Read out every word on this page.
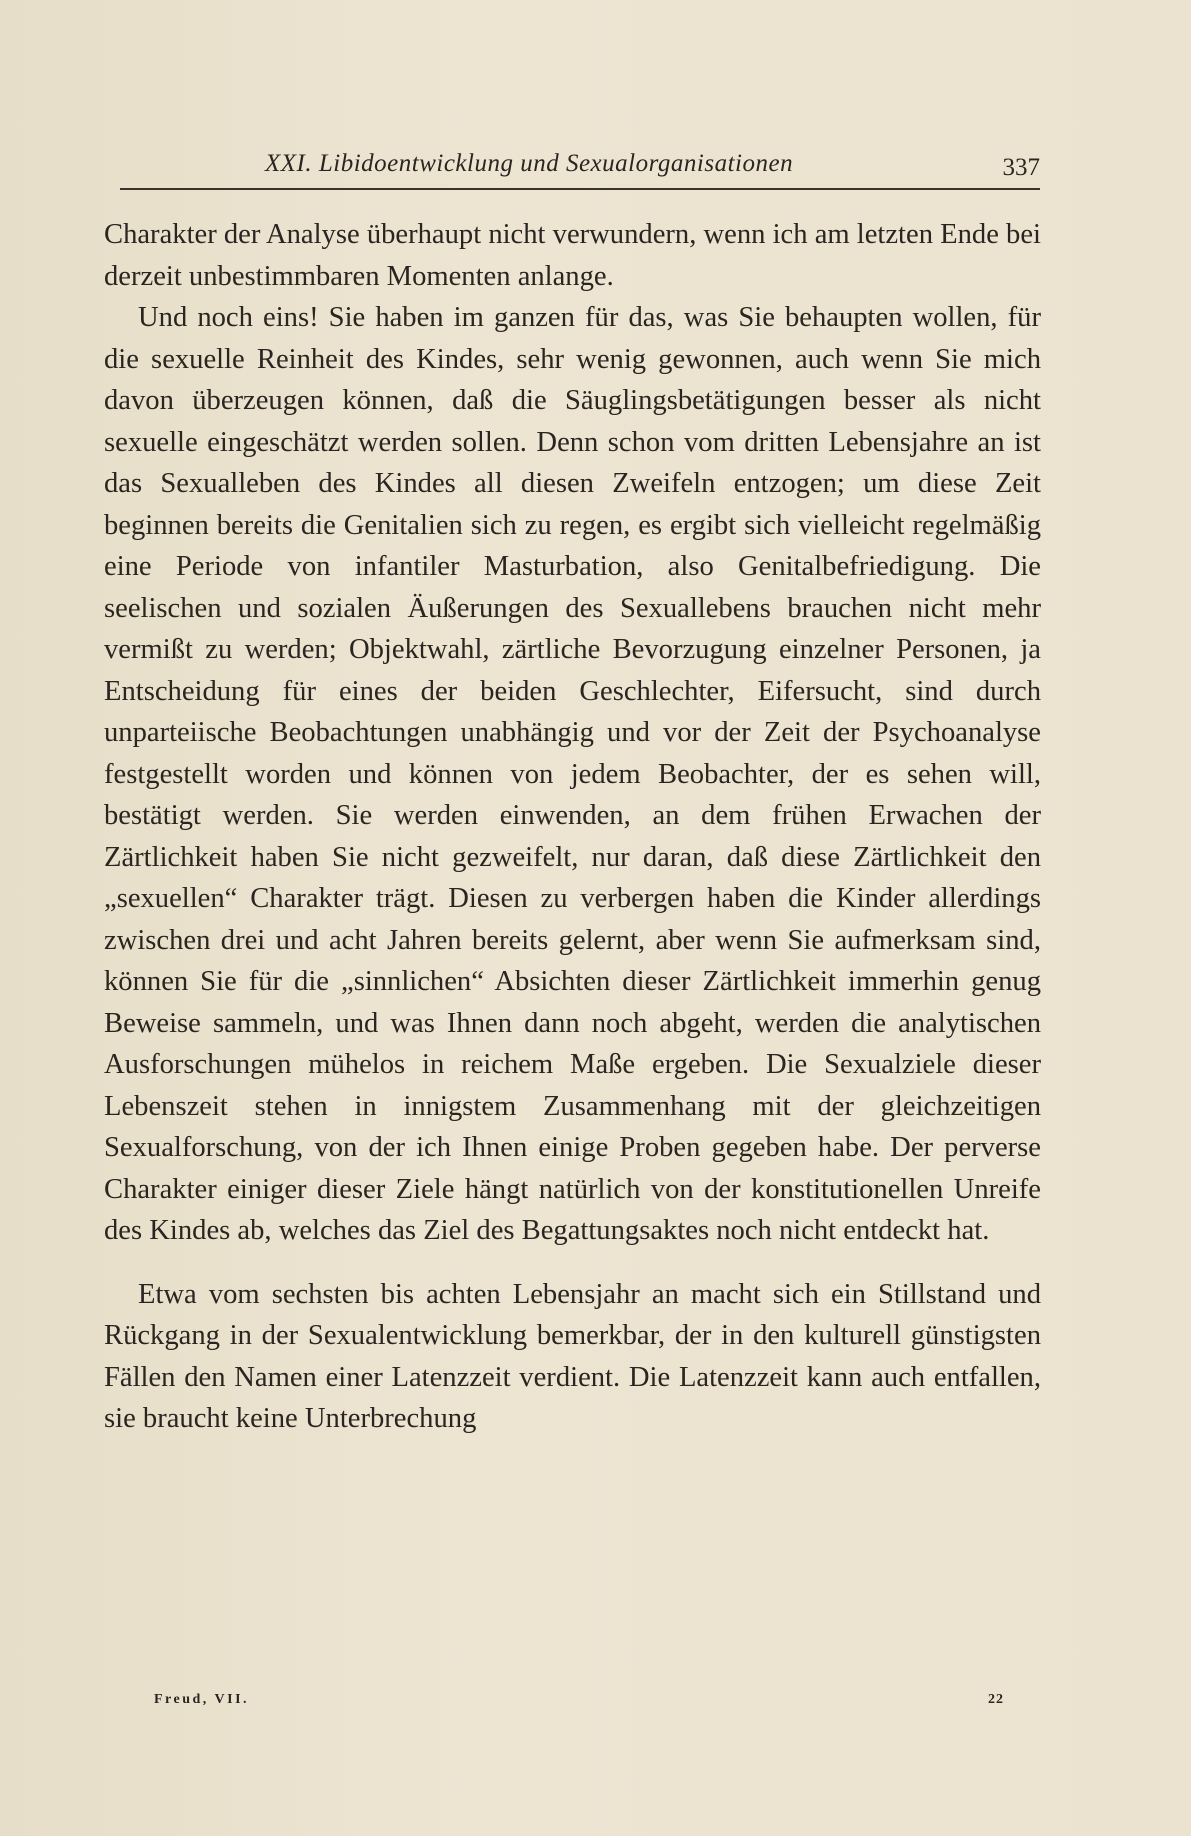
XXI. Libidoentwicklung und Sexualorganisationen	337

Charakter der Analyse überhaupt nicht verwundern, wenn ich am letzten Ende bei derzeit unbestimmbaren Momenten anlange.

Und noch eins! Sie haben im ganzen für das, was Sie behaupten wollen, für die sexuelle Reinheit des Kindes, sehr wenig gewonnen, auch wenn Sie mich davon überzeugen können, daß die Säuglingsbetätigungen besser als nicht sexuelle eingeschätzt werden sollen. Denn schon vom dritten Lebensjahre an ist das Sexualleben des Kindes all diesen Zweifeln entzogen; um diese Zeit beginnen bereits die Genitalien sich zu regen, es ergibt sich vielleicht regelmäßig eine Periode von infantiler Masturbation, also Genitalbefriedigung. Die seelischen und sozialen Äußerungen des Sexuallebens brauchen nicht mehr vermißt zu werden; Objektwahl, zärtliche Bevorzugung einzelner Personen, ja Entscheidung für eines der beiden Geschlechter, Eifersucht, sind durch unparteiische Beobachtungen unabhängig und vor der Zeit der Psychoanalyse festgestellt worden und können von jedem Beobachter, der es sehen will, bestätigt werden. Sie werden einwenden, an dem frühen Erwachen der Zärtlichkeit haben Sie nicht gezweifelt, nur daran, daß diese Zärtlichkeit den „sexuellen“ Charakter trägt. Diesen zu verbergen haben die Kinder allerdings zwischen drei und acht Jahren bereits gelernt, aber wenn Sie aufmerksam sind, können Sie für die „sinnlichen“ Absichten dieser Zärtlichkeit immerhin genug Beweise sammeln, und was Ihnen dann noch abgeht, werden die analytischen Ausforschungen mühelos in reichem Maße ergeben. Die Sexualziele dieser Lebenszeit stehen in innigstem Zusammenhang mit der gleichzeitigen Sexualforschung, von der ich Ihnen einige Proben gegeben habe. Der perverse Charakter einiger dieser Ziele hängt natürlich von der konstitutionellen Unreife des Kindes ab, welches das Ziel des Begattungsaktes noch nicht entdeckt hat.

Etwa vom sechsten bis achten Lebensjahr an macht sich ein Stillstand und Rückgang in der Sexualentwicklung bemerkbar, der in den kulturell günstigsten Fällen den Namen einer Latenzzeit verdient. Die Latenzzeit kann auch entfallen, sie braucht keine Unterbrechung

Freud, VII.	22
